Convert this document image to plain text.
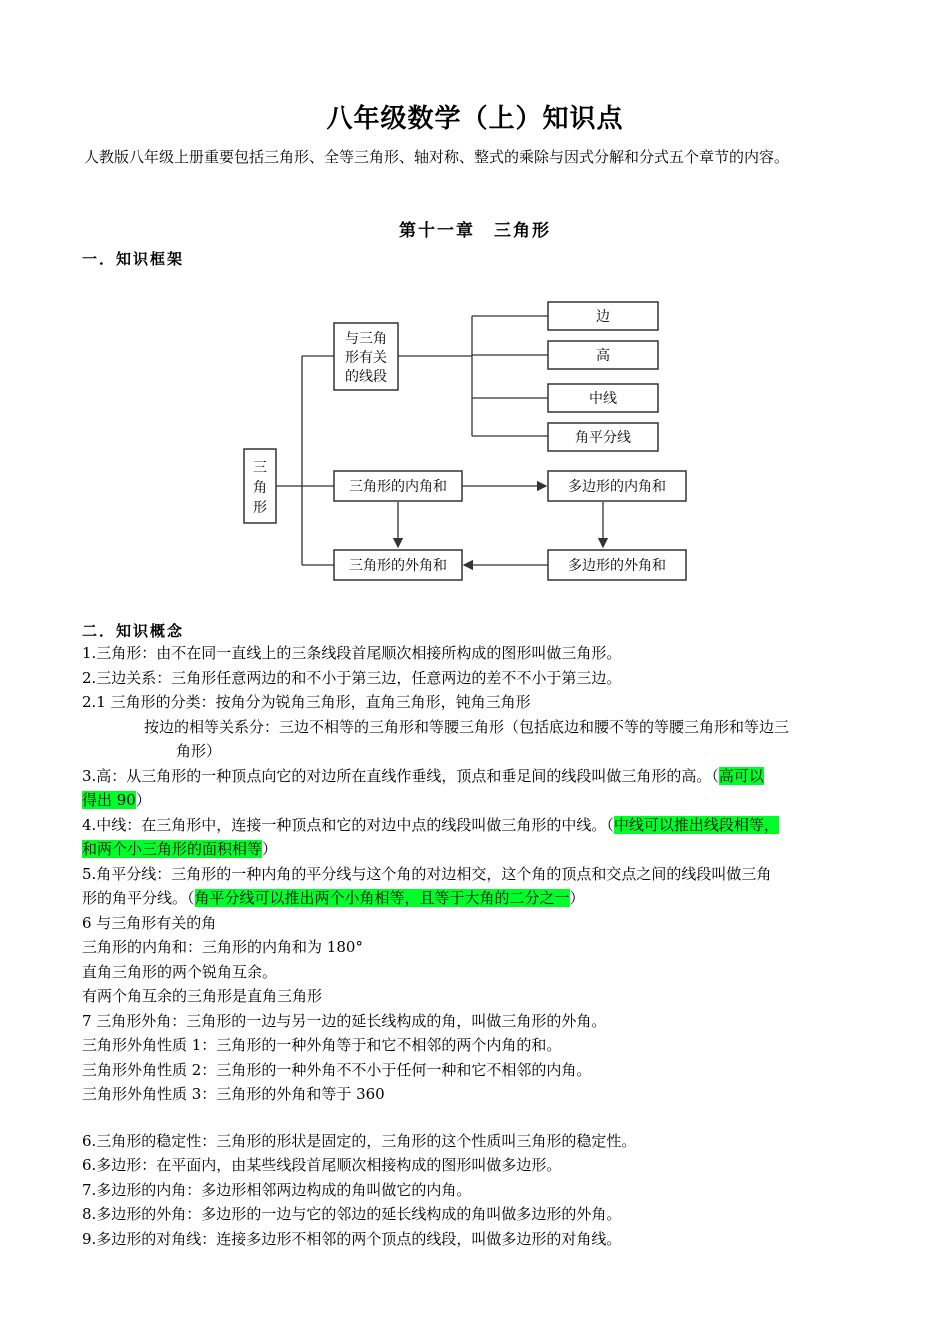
八年级数学（上）知识点
人教版八年级上册重要包括三角形、全等三角形、轴对称、整式的乘除与因式分解和分式五个章节的内容。
第十一章　三角形
一．知识框架
三
角
形
与三角
形有关
的线段
边
高
中线
角平分线
三角形的内角和	多边形的内角和
三角形的外角和	多边形的外角和
二．知识概念
1.三角形：由不在同一直线上的三条线段首尾顺次相接所构成的图形叫做三角形。
2.三边关系：三角形任意两边的和不小于第三边，任意两边的差不不小于第三边。
2.1 三角形的分类：按角分为锐角三角形，直角三角形，钝角三角形
按边的相等关系分：三边不相等的三角形和等腰三角形（包括底边和腰不等的等腰三角形和等边三
角形）
3.高：从三角形的一种顶点向它的对边所在直线作垂线，顶点和垂足间的线段叫做三角形的高。（高可以
得出 90）
4.中线：在三角形中，连接一种顶点和它的对边中点的线段叫做三角形的中线。（中线可以推出线段相等，
和两个小三角形的面积相等）
5.角平分线：三角形的一种内角的平分线与这个角的对边相交，这个角的顶点和交点之间的线段叫做三角
形的角平分线。（角平分线可以推出两个小角相等，且等于大角的二分之一）
6 与三角形有关的角
三角形的内角和：三角形的内角和为 180°
直角三角形的两个锐角互余。
有两个角互余的三角形是直角三角形
7 三角形外角：三角形的一边与另一边的延长线构成的角，叫做三角形的外角。
三角形外角性质 1：三角形的一种外角等于和它不相邻的两个内角的和。
三角形外角性质 2：三角形的一种外角不不小于任何一种和它不相邻的内角。
三角形外角性质 3：三角形的外角和等于 360
6.三角形的稳定性：三角形的形状是固定的，三角形的这个性质叫三角形的稳定性。
6.多边形：在平面内，由某些线段首尾顺次相接构成的图形叫做多边形。
7.多边形的内角：多边形相邻两边构成的角叫做它的内角。
8.多边形的外角：多边形的一边与它的邻边的延长线构成的角叫做多边形的外角。
9.多边形的对角线：连接多边形不相邻的两个顶点的线段，叫做多边形的对角线。
